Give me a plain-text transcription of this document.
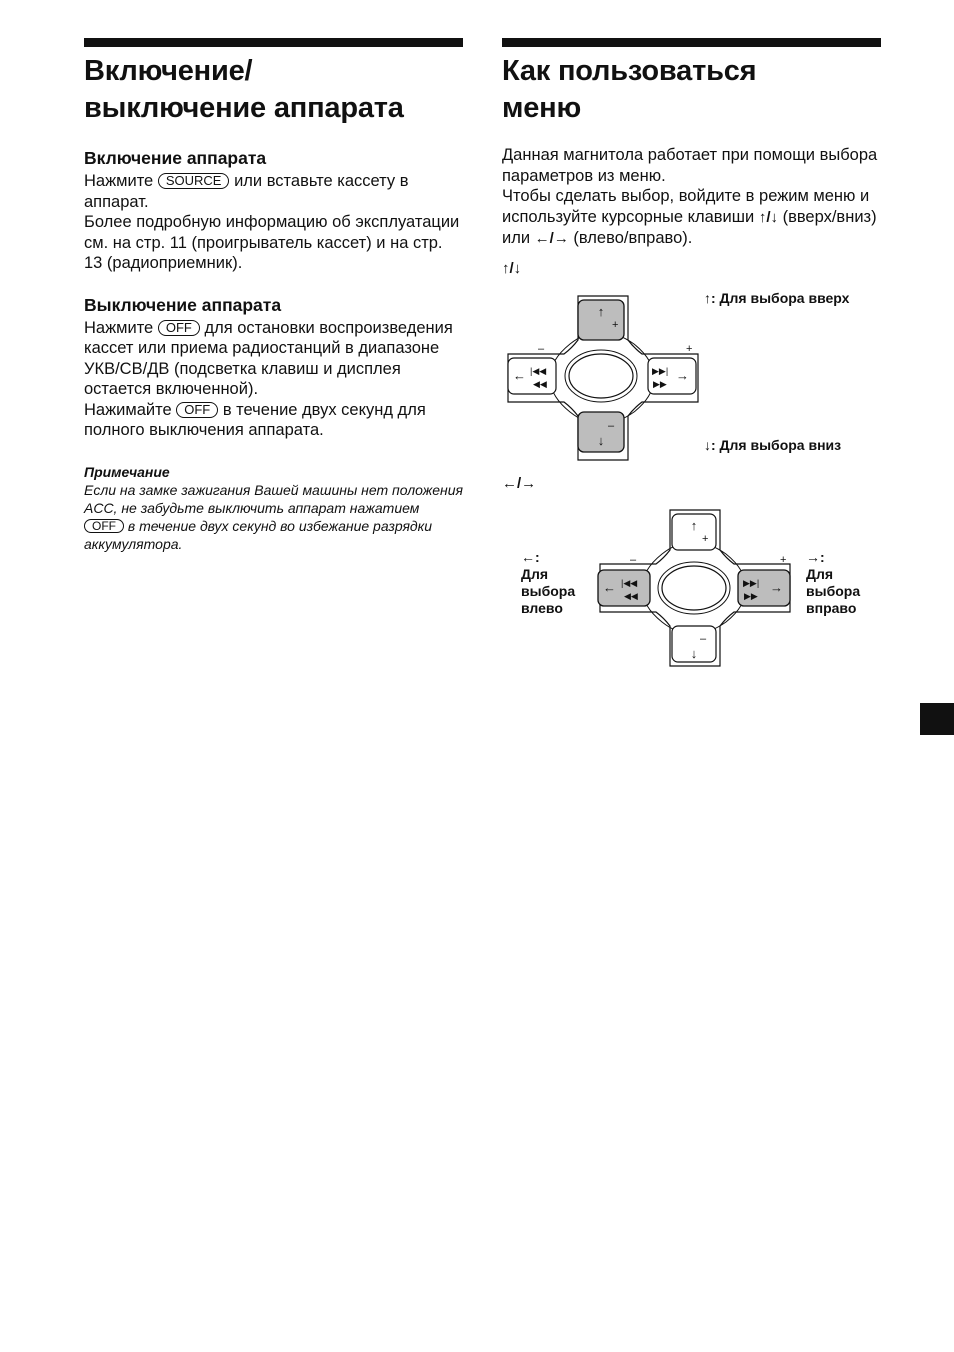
Включение/
выключение аппарата
Включение аппарата

Нажмите SOURCE или вставьте кассету в аппарат.
Более подробную информацию об эксплуатации см. на стр. 11 (проигрыватель кассет) и на стр. 13 (радиоприемник).

Выключение аппарата

Нажмите OFF для остановки воспроизведения кассет или приема радиостанций в диапазоне УКВ/СВ/ДВ (подсветка клавиш и дисплея остается включенной).
Нажимайте OFF в течение двух секунд для полного выключения аппарата.

Примечание
Если на замке зажигания Вашей машины нет положения ACC, не забудьте выключить аппарат нажатием OFF в течение двух секунд во избежание разрядки аккумулятора.
Как пользоваться
меню

Данная магнитола работает при помощи выбора параметров из меню.
Чтобы сделать выбор, войдите в режим меню и используйте курсорные клавиши ↑/↓ (вверх/вниз) или ←/→ (влево/вправо).

↑/↓
←/→
↑
+
–
↓
–
← |◀◀
◀◀
+
▶▶|
▶▶
→
↑: Для выбора вверх
↓: Для выбора вниз
↑
+
–
↓
–
← |◀◀
◀◀
+
▶▶|
▶▶
→
←:
Для выбора влево
→:
Для выбора вправо
